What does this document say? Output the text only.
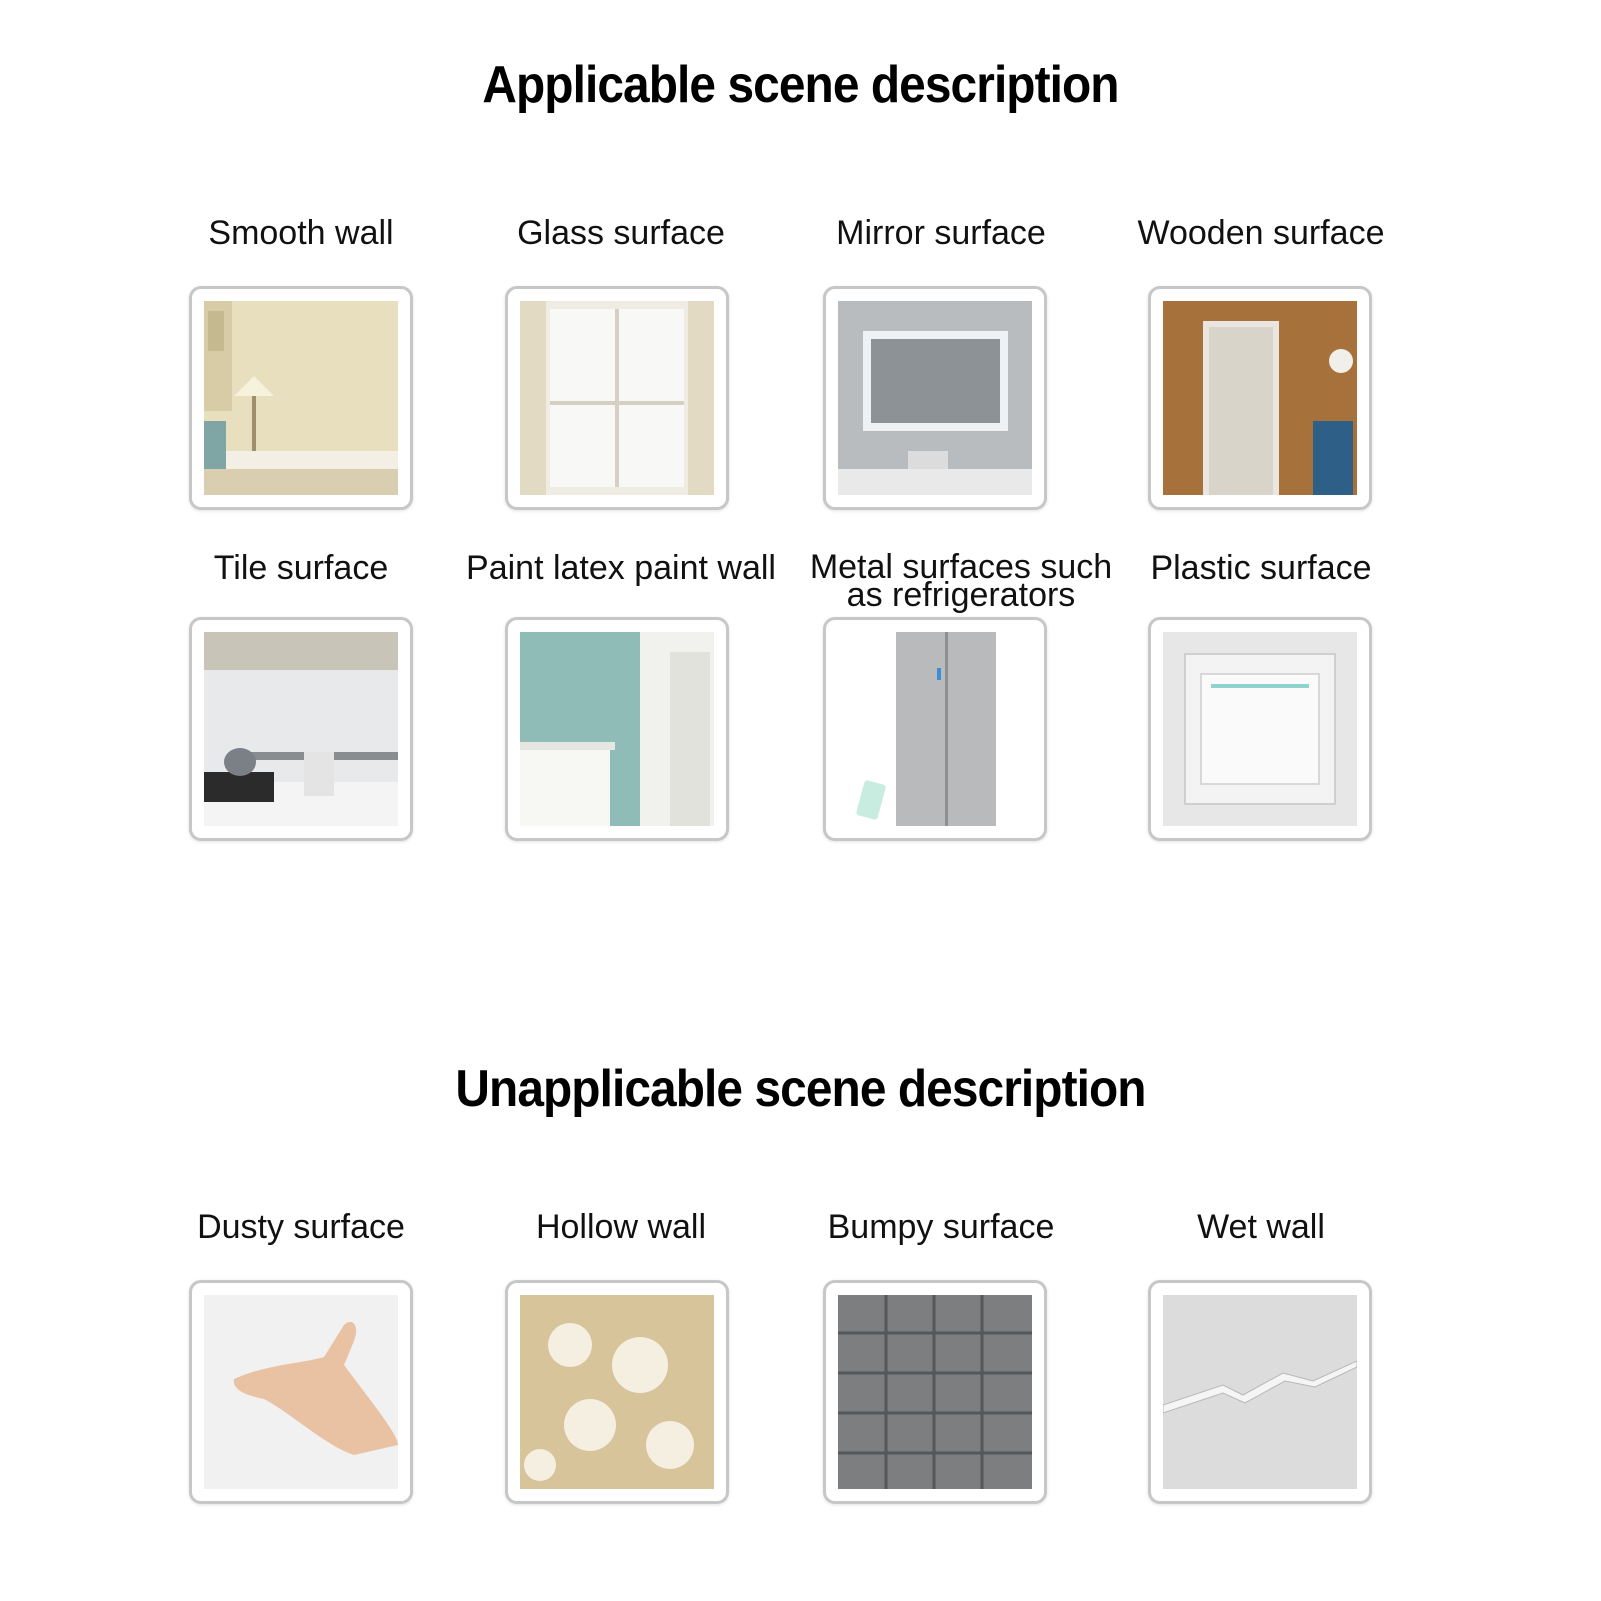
Applicable scene description
Smooth wall	Glass surface	Mirror surface	Wooden surface
Tile surface	Paint latex paint wall Metal surfaces such as refrigerators
Plastic surface
Unapplicable scene description
Dusty surface	Hollow wall	Bumpy surface	Wet wall
